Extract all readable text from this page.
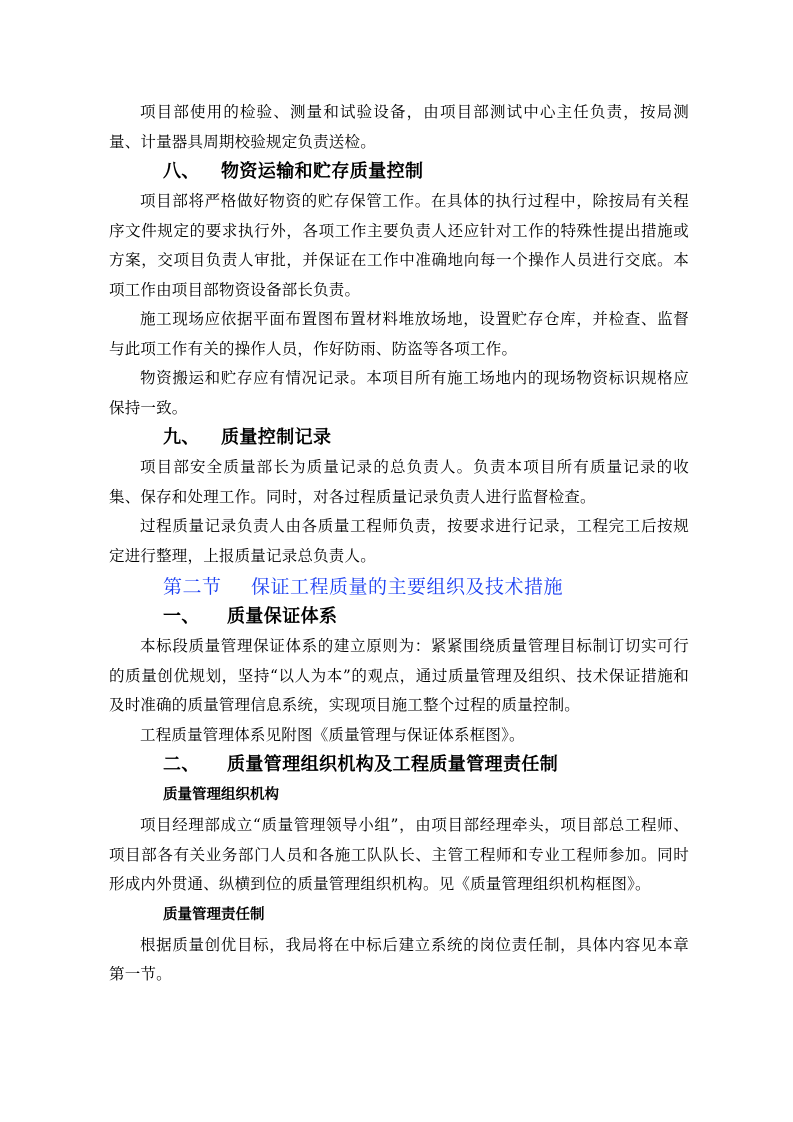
项目部使用的检验、测量和试验设备，由项目部测试中心主任负责，按局测量、计量器具周期校验规定负责送检。

八、 物资运输和贮存质量控制

项目部将严格做好物资的贮存保管工作。在具体的执行过程中，除按局有关程序文件规定的要求执行外，各项工作主要负责人还应针对工作的特殊性提出措施或方案，交项目负责人审批，并保证在工作中准确地向每一个操作人员进行交底。本项工作由项目部物资设备部长负责。

施工现场应依据平面布置图布置材料堆放场地，设置贮存仓库，并检查、监督与此项工作有关的操作人员，作好防雨、防盗等各项工作。

物资搬运和贮存应有情况记录。本项目所有施工场地内的现场物资标识规格应保持一致。

九、 质量控制记录

项目部安全质量部长为质量记录的总负责人。负责本项目所有质量记录的收集、保存和处理工作。同时，对各过程质量记录负责人进行监督检查。

过程质量记录负责人由各质量工程师负责，按要求进行记录，工程完工后按规定进行整理，上报质量记录总负责人。

第二节 保证工程质量的主要组织及技术措施
一、 质量保证体系

本标段质量管理保证体系的建立原则为：紧紧围绕质量管理目标制订切实可行的质量创优规划，坚持“以人为本”的观点，通过质量管理及组织、技术保证措施和及时准确的质量管理信息系统，实现项目施工整个过程的质量控制。

工程质量管理体系见附图《质量管理与保证体系框图》。

二、 质量管理组织机构及工程质量管理责任制
质量管理组织机构

项目经理部成立“质量管理领导小组”，由项目部经理牵头，项目部总工程师、项目部各有关业务部门人员和各施工队队长、主管工程师和专业工程师参加。同时形成内外贯通、纵横到位的质量管理组织机构。见《质量管理组织机构框图》。

质量管理责任制

根据质量创优目标，我局将在中标后建立系统的岗位责任制，具体内容见本章第一节。
